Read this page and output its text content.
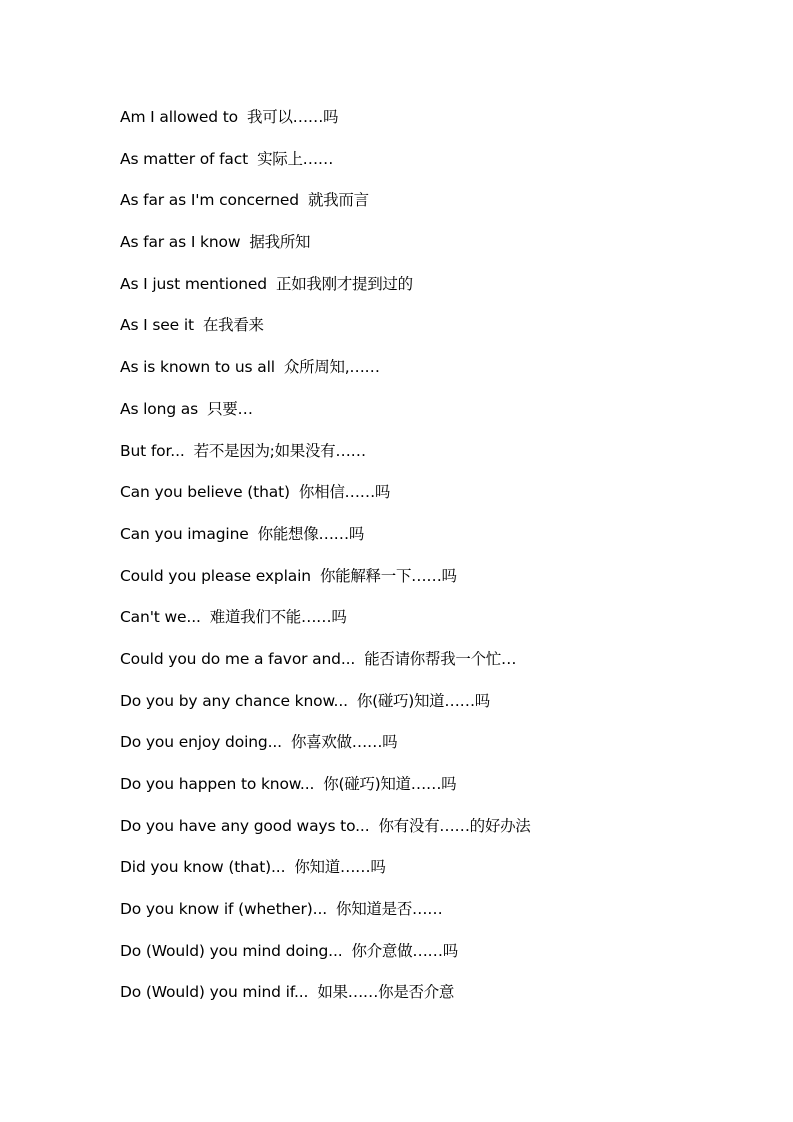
Am I allowed to 我可以……吗
As matter of fact 实际上……
As far as I'm concerned 就我而言
As far as I know 据我所知
As I just mentioned 正如我刚才提到过的
As I see it 在我看来
As is known to us all 众所周知,……
As long as 只要…
But for... 若不是因为;如果没有……
Can you believe (that) 你相信……吗
Can you imagine 你能想像……吗
Could you please explain 你能解释一下……吗
Can't we... 难道我们不能……吗
Could you do me a favor and... 能否请你帮我一个忙…
Do you by any chance know... 你(碰巧)知道……吗
Do you enjoy doing... 你喜欢做……吗
Do you happen to know... 你(碰巧)知道……吗
Do you have any good ways to... 你有没有……的好办法
Did you know (that)... 你知道……吗
Do you know if (whether)... 你知道是否……
Do (Would) you mind doing... 你介意做……吗
Do (Would) you mind if... 如果……你是否介意
